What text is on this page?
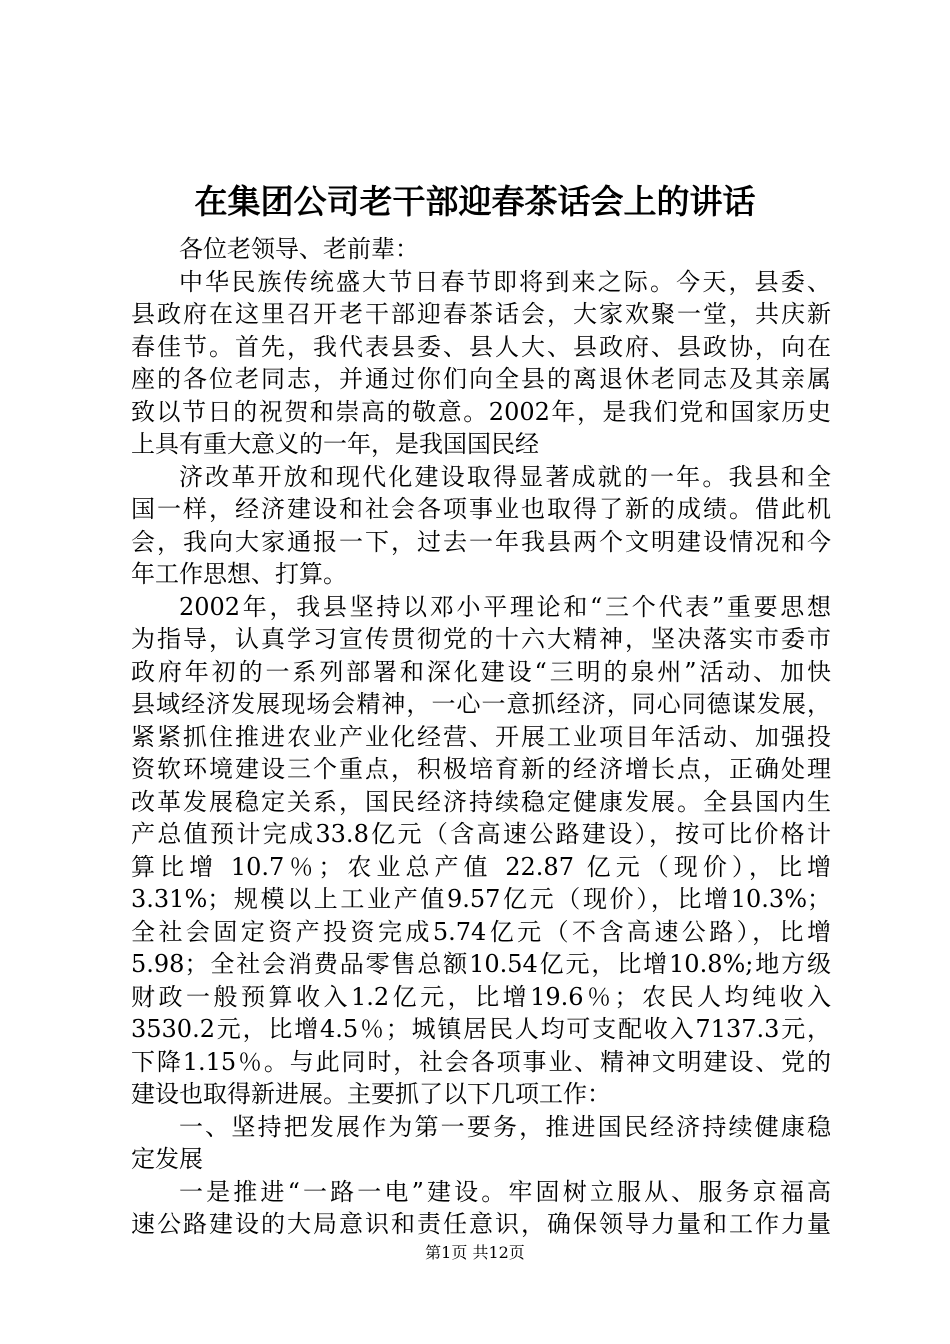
在集团公司老干部迎春茶话会上的讲话
各位老领导、老前辈：
中华民族传统盛大节日春节即将到来之际。今天，县委、
县政府在这里召开老干部迎春茶话会，大家欢聚一堂，共庆新
春佳节。首先，我代表县委、县人大、县政府、县政协，向在
座的各位老同志，并通过你们向全县的离退休老同志及其亲属
致以节日的祝贺和崇高的敬意。2002年，是我们党和国家历史
上具有重大意义的一年，是我国国民经
济改革开放和现代化建设取得显著成就的一年。我县和全
国一样，经济建设和社会各项事业也取得了新的成绩。借此机
会，我向大家通报一下，过去一年我县两个文明建设情况和今
年工作思想、打算。
2002年，我县坚持以邓小平理论和“三个代表”重要思想
为指导，认真学习宣传贯彻党的十六大精神，坚决落实市委市
政府年初的一系列部署和深化建设“三明的泉州”活动、加快
县域经济发展现场会精神，一心一意抓经济，同心同德谋发展，
紧紧抓住推进农业产业化经营、开展工业项目年活动、加强投
资软环境建设三个重点，积极培育新的经济增长点，正确处理
改革发展稳定关系，国民经济持续稳定健康发展。全县国内生
产总值预计完成33.8亿元（含高速公路建设），按可比价格计
算比增 10.7％；农业总产值 22.87 亿元（现价），比增
3.31%；规模以上工业产值9.57亿元（现价），比增10.3%；
全社会固定资产投资完成5.74亿元（不含高速公路），比增
5.98；全社会消费品零售总额10.54亿元，比增10.8%;地方级
财政一般预算收入1.2亿元，比增19.6％；农民人均纯收入
3530.2元，比增4.5％；城镇居民人均可支配收入7137.3元，
下降1.15％。与此同时，社会各项事业、精神文明建设、党的
建设也取得新进展。主要抓了以下几项工作：
一、坚持把发展作为第一要务，推进国民经济持续健康稳
定发展
一是推进“一路一电”建设。牢固树立服从、服务京福高
速公路建设的大局意识和责任意识，确保领导力量和工作力量
第1页 共12页
